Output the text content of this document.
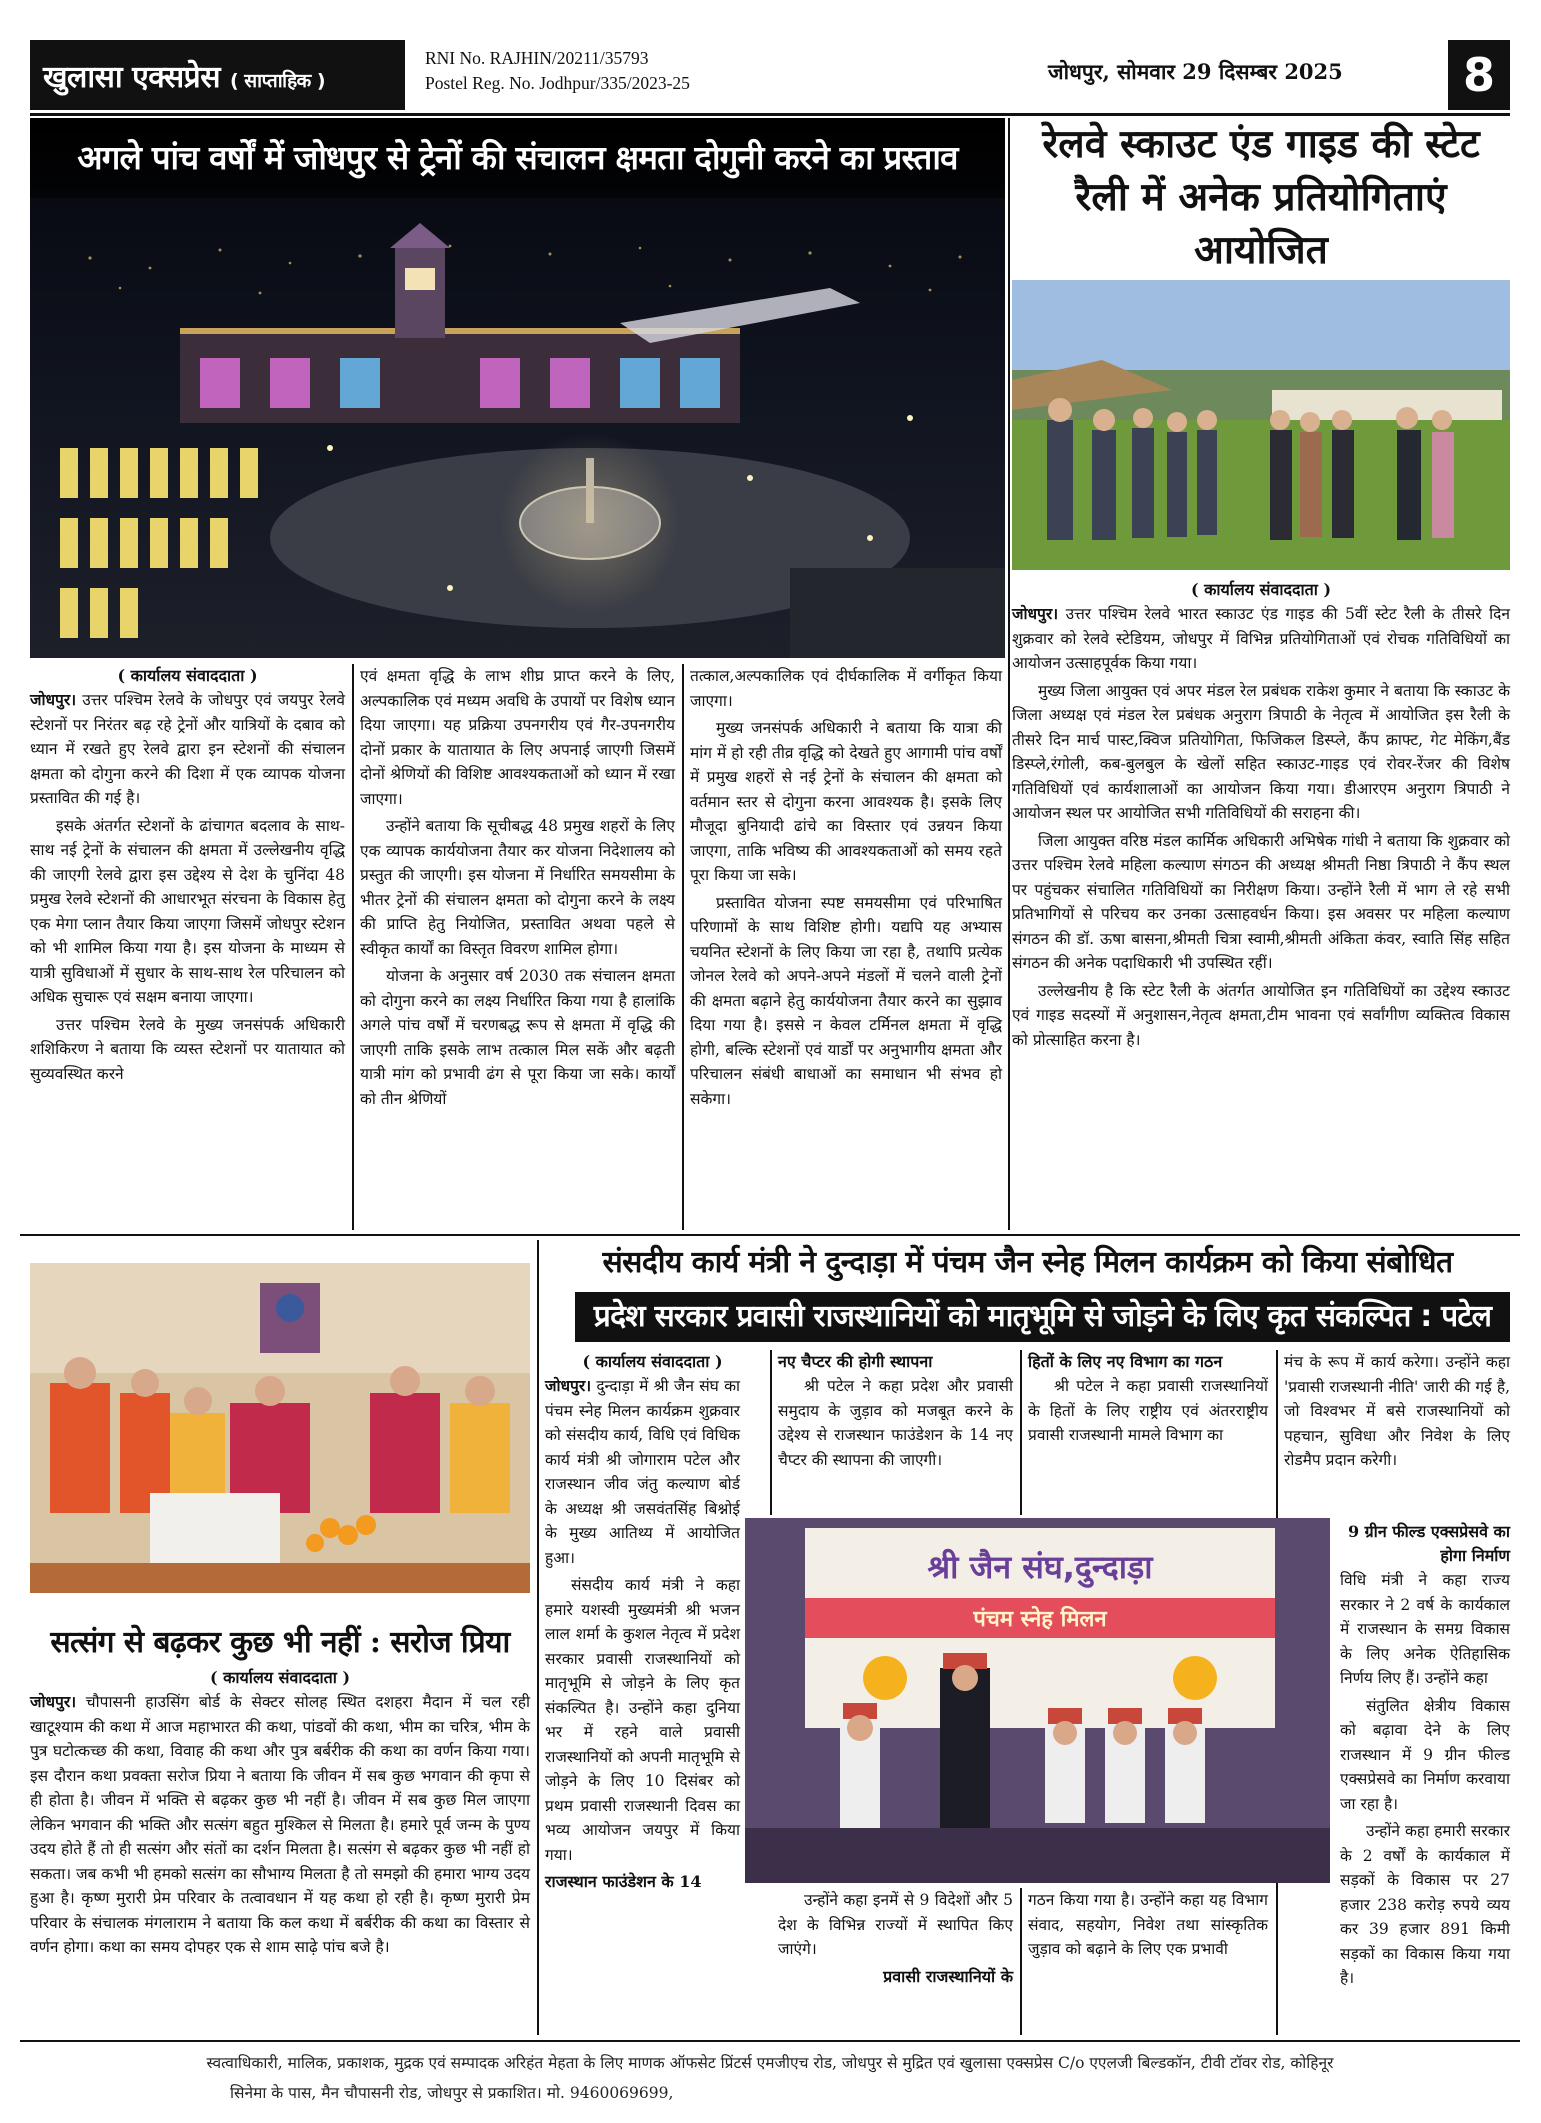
खुलासा एक्सप्रेस ( साप्ताहिक )
RNI No. RAJHIN/20211/35793
Postel Reg. No. Jodhpur/335/2023-25	जोधपुर, सोमवार 29 दिसम्बर 2025	8
अगले पांच वर्षों में जोधपुर से ट्रेनों की संचालन क्षमता दोगुनी करने का प्रस्ताव	रेलवे स्काउट एंड गाइड की स्टेट रैली में अनेक प्रतियोगिताएं आयोजित
( कार्यालय संवाददाता )

जोधपुर। उत्तर पश्चिम रेलवे भारत स्काउट एंड गाइड की 5वीं स्टेट रैली के तीसरे दिन शुक्रवार को रेलवे स्टेडियम, जोधपुर में विभिन्न प्रतियोगिताओं एवं रोचक गतिविधियों का आयोजन उत्साहपूर्वक किया गया।

मुख्य जिला आयुक्त एवं अपर मंडल रेल प्रबंधक राकेश कुमार ने बताया कि स्काउट के जिला अध्यक्ष एवं मंडल रेल प्रबंधक अनुराग त्रिपाठी के नेतृत्व में आयोजित इस रैली के तीसरे दिन मार्च पास्ट,क्विज प्रतियोगिता, फिजिकल डिस्प्ले, कैंप क्राफ्ट, गेट मेकिंग,बैंड डिस्प्ले,रंगोली, कब-बुलबुल के खेलों सहित स्काउट-गाइड एवं रोवर-रेंजर की विशेष गतिविधियों एवं कार्यशालाओं का आयोजन किया गया। डीआरएम अनुराग त्रिपाठी ने आयोजन स्थल पर आयोजित सभी गतिविधियों की सराहना की।

जिला आयुक्त वरिष्ठ मंडल कार्मिक अधिकारी अभिषेक गांधी ने बताया कि शुक्रवार को उत्तर पश्चिम रेलवे महिला कल्याण संगठन की अध्यक्ष श्रीमती निष्ठा त्रिपाठी ने कैंप स्थल पर पहुंचकर संचालित गतिविधियों का निरीक्षण किया। उन्होंने रैली में भाग ले रहे सभी प्रतिभागियों से परिचय कर उनका उत्साहवर्धन किया। इस अवसर पर महिला कल्याण संगठन की डॉ. ऊषा बासना,श्रीमती चित्रा स्वामी,श्रीमती अंकिता कंवर, स्वाति सिंह सहित संगठन की अनेक पदाधिकारी भी उपस्थित रहीं।

उल्लेखनीय है कि स्टेट रैली के अंतर्गत आयोजित इन गतिविधियों का उद्देश्य स्काउट एवं गाइड सदस्यों में अनुशासन,नेतृत्व क्षमता,टीम भावना एवं सर्वांगीण व्यक्तित्व विकास को प्रोत्साहित करना है।

( कार्यालय संवाददाता )

जोधपुर। उत्तर पश्चिम रेलवे के जोधपुर एवं जयपुर रेलवे स्टेशनों पर निरंतर बढ़ रहे ट्रेनों और यात्रियों के दबाव को ध्यान में रखते हुए रेलवे द्वारा इन स्टेशनों की संचालन क्षमता को दोगुना करने की दिशा में एक व्यापक योजना प्रस्तावित की गई है।

इसके अंतर्गत स्टेशनों के ढांचागत बदलाव के साथ-साथ नई ट्रेनों के संचालन की क्षमता में उल्लेखनीय वृद्धि की जाएगी रेलवे द्वारा इस उद्देश्य से देश के चुनिंदा 48 प्रमुख रेलवे स्टेशनों की आधारभूत संरचना के विकास हेतु एक मेगा प्लान तैयार किया जाएगा जिसमें जोधपुर स्टेशन को भी शामिल किया गया है। इस योजना के माध्यम से यात्री सुविधाओं में सुधार के साथ-साथ रेल परिचालन को अधिक सुचारू एवं सक्षम बनाया जाएगा।

उत्तर पश्चिम रेलवे के मुख्य जनसंपर्क अधिकारी शशिकिरण ने बताया कि व्यस्त स्टेशनों पर यातायात को सुव्यवस्थित करने

एवं क्षमता वृद्धि के लाभ शीघ्र प्राप्त करने के लिए, अल्पकालिक एवं मध्यम अवधि के उपायों पर विशेष ध्यान दिया जाएगा। यह प्रक्रिया उपनगरीय एवं गैर-उपनगरीय दोनों प्रकार के यातायात के लिए अपनाई जाएगी जिसमें दोनों श्रेणियों की विशिष्ट आवश्यकताओं को ध्यान में रखा जाएगा।

उन्होंने बताया कि सूचीबद्ध 48 प्रमुख शहरों के लिए एक व्यापक कार्ययोजना तैयार कर योजना निदेशालय को प्रस्तुत की जाएगी। इस योजना में निर्धारित समयसीमा के भीतर ट्रेनों की संचालन क्षमता को दोगुना करने के लक्ष्य की प्राप्ति हेतु नियोजित, प्रस्तावित अथवा पहले से स्वीकृत कार्यों का विस्तृत विवरण शामिल होगा।

योजना के अनुसार वर्ष 2030 तक संचालन क्षमता को दोगुना करने का लक्ष्य निर्धारित किया गया है हालांकि अगले पांच वर्षों में चरणबद्ध रूप से क्षमता में वृद्धि की जाएगी ताकि इसके लाभ तत्काल मिल सकें और बढ़ती यात्री मांग को प्रभावी ढंग से पूरा किया जा सके। कार्यों को तीन श्रेणियों

तत्काल,अल्पकालिक एवं दीर्घकालिक में वर्गीकृत किया जाएगा।

मुख्य जनसंपर्क अधिकारी ने बताया कि यात्रा की मांग में हो रही तीव्र वृद्धि को देखते हुए आगामी पांच वर्षों में प्रमुख शहरों से नई ट्रेनों के संचालन की क्षमता को वर्तमान स्तर से दोगुना करना आवश्यक है। इसके लिए मौजूदा बुनियादी ढांचे का विस्तार एवं उन्नयन किया जाएगा, ताकि भविष्य की आवश्यकताओं को समय रहते पूरा किया जा सके।

प्रस्तावित योजना स्पष्ट समयसीमा एवं परिभाषित परिणामों के साथ विशिष्ट होगी। यद्यपि यह अभ्यास चयनित स्टेशनों के लिए किया जा रहा है, तथापि प्रत्येक जोनल रेलवे को अपने-अपने मंडलों में चलने वाली ट्रेनों की क्षमता बढ़ाने हेतु कार्ययोजना तैयार करने का सुझाव दिया गया है। इससे न केवल टर्मिनल क्षमता में वृद्धि होगी, बल्कि स्टेशनों एवं यार्डों पर अनुभागीय क्षमता और परिचालन संबंधी बाधाओं का समाधान भी संभव हो सकेगा।

संसदीय कार्य मंत्री ने दुन्दाड़ा में पंचम जैन स्नेह मिलन कार्यक्रम को किया संबोधित
प्रदेश सरकार प्रवासी राजस्थानियों को मातृभूमि से जोड़ने के लिए कृत संकल्पित : पटेल
सत्संग से बढ़कर कुछ भी नहीं : सरोज प्रिया
( कार्यालय संवाददाता )

जोधपुर। चौपासनी हाउसिंग बोर्ड के सेक्टर सोलह स्थित दशहरा मैदान में चल रही खाटूश्याम की कथा में आज महाभारत की कथा, पांडवों की कथा, भीम का चरित्र, भीम के पुत्र घटोत्कच्छ की कथा, विवाह की कथा और पुत्र बर्बरीक की कथा का वर्णन किया गया। इस दौरान कथा प्रवक्ता सरोज प्रिया ने बताया कि जीवन में सब कुछ भगवान की कृपा से ही होता है। जीवन में भक्ति से बढ़कर कुछ भी नहीं है। जीवन में सब कुछ मिल जाएगा लेकिन भगवान की भक्ति और सत्संग बहुत मुश्किल से मिलता है। हमारे पूर्व जन्म के पुण्य उदय होते हैं तो ही सत्संग और संतों का दर्शन मिलता है। सत्संग से बढ़कर कुछ भी नहीं हो सकता। जब कभी भी हमको सत्संग का सौभाग्य मिलता है तो समझो की हमारा भाग्य उदय हुआ है। कृष्ण मुरारी प्रेम परिवार के तत्वावधान में यह कथा हो रही है। कृष्ण मुरारी प्रेम परिवार के संचालक मंगलाराम ने बताया कि कल कथा में बर्बरीक की कथा का विस्तार से वर्णन होगा। कथा का समय दोपहर एक से शाम साढ़े पांच बजे है।

( कार्यालय संवाददाता )

जोधपुर। दुन्दाड़ा में श्री जैन संघ का पंचम स्नेह मिलन कार्यक्रम शुक्रवार को संसदीय कार्य, विधि एवं विधिक कार्य मंत्री श्री जोगाराम पटेल और राजस्थान जीव जंतु कल्याण बोर्ड के अध्यक्ष श्री जसवंतसिंह बिश्नोई के मुख्य आतिथ्य में आयोजित हुआ।

संसदीय कार्य मंत्री ने कहा हमारे यशस्वी मुख्यमंत्री श्री भजन लाल शर्मा के कुशल नेतृत्व में प्रदेश सरकार प्रवासी राजस्थानियों को मातृभूमि से जोड़ने के लिए कृत संकल्पित है। उन्होंने कहा दुनिया भर में रहने वाले प्रवासी राजस्थानियों को अपनी मातृभूमि से जोड़ने के लिए 10 दिसंबर को प्रथम प्रवासी राजस्थानी दिवस का भव्य आयोजन जयपुर में किया गया।

राजस्थान फाउंडेशन के 14
नए चैप्टर की होगी स्थापना

श्री पटेल ने कहा प्रदेश और प्रवासी समुदाय के जुड़ाव को मजबूत करने के उद्देश्य से राजस्थान फाउंडेशन के 14 नए चैप्टर की स्थापना की जाएगी।

हितों के लिए नए विभाग का गठन

श्री पटेल ने कहा प्रवासी राजस्थानियों के हितों के लिए राष्ट्रीय एवं अंतरराष्ट्रीय प्रवासी राजस्थानी मामले विभाग का

मंच के रूप में कार्य करेगा। उन्होंने कहा 'प्रवासी राजस्थानी नीति' जारी की गई है, जो विश्वभर में बसे राजस्थानियों को पहचान, सुविधा और निवेश के लिए रोडमैप प्रदान करेगी।

9 ग्रीन फील्ड एक्सप्रेसवे का होगा निर्माण

विधि मंत्री ने कहा राज्य सरकार ने 2 वर्ष के कार्यकाल में राजस्थान के समग्र विकास के लिए अनेक ऐतिहासिक निर्णय लिए हैं। उन्होंने कहा

संतुलित क्षेत्रीय विकास को बढ़ावा देने के लिए राजस्थान में 9 ग्रीन फील्ड एक्सप्रेसवे का निर्माण करवाया जा रहा है।

उन्होंने कहा हमारी सरकार के 2 वर्षों के कार्यकाल में सड़कों के विकास पर 27 हजार 238 करोड़ रुपये व्यय कर 39 हजार 891 किमी सड़कों का विकास किया गया है।

श्री जैन संघ,दुन्दाड़ा
पंचम स्नेह मिलन

उन्होंने कहा इनमें से 9 विदेशों और 5 देश के विभिन्न राज्यों में स्थापित किए जाएंगे।

प्रवासी राजस्थानियों के

गठन किया गया है। उन्होंने कहा यह विभाग संवाद, सहयोग, निवेश तथा सांस्कृतिक जुड़ाव को बढ़ाने के लिए एक प्रभावी

स्वत्वाधिकारी, मालिक, प्रकाशक, मुद्रक एवं सम्पादक अरिहंत मेहता के लिए माणक ऑफसेट प्रिंटर्स एमजीएच रोड, जोधपुर से मुद्रित एवं खुलासा एक्सप्रेस C/o एएलजी बिल्डकॉन, टीवी टॉवर रोड, कोहिनूर
सिनेमा के पास, मैन चौपासनी रोड, जोधपुर से प्रकाशित। मो. 9460069699,
